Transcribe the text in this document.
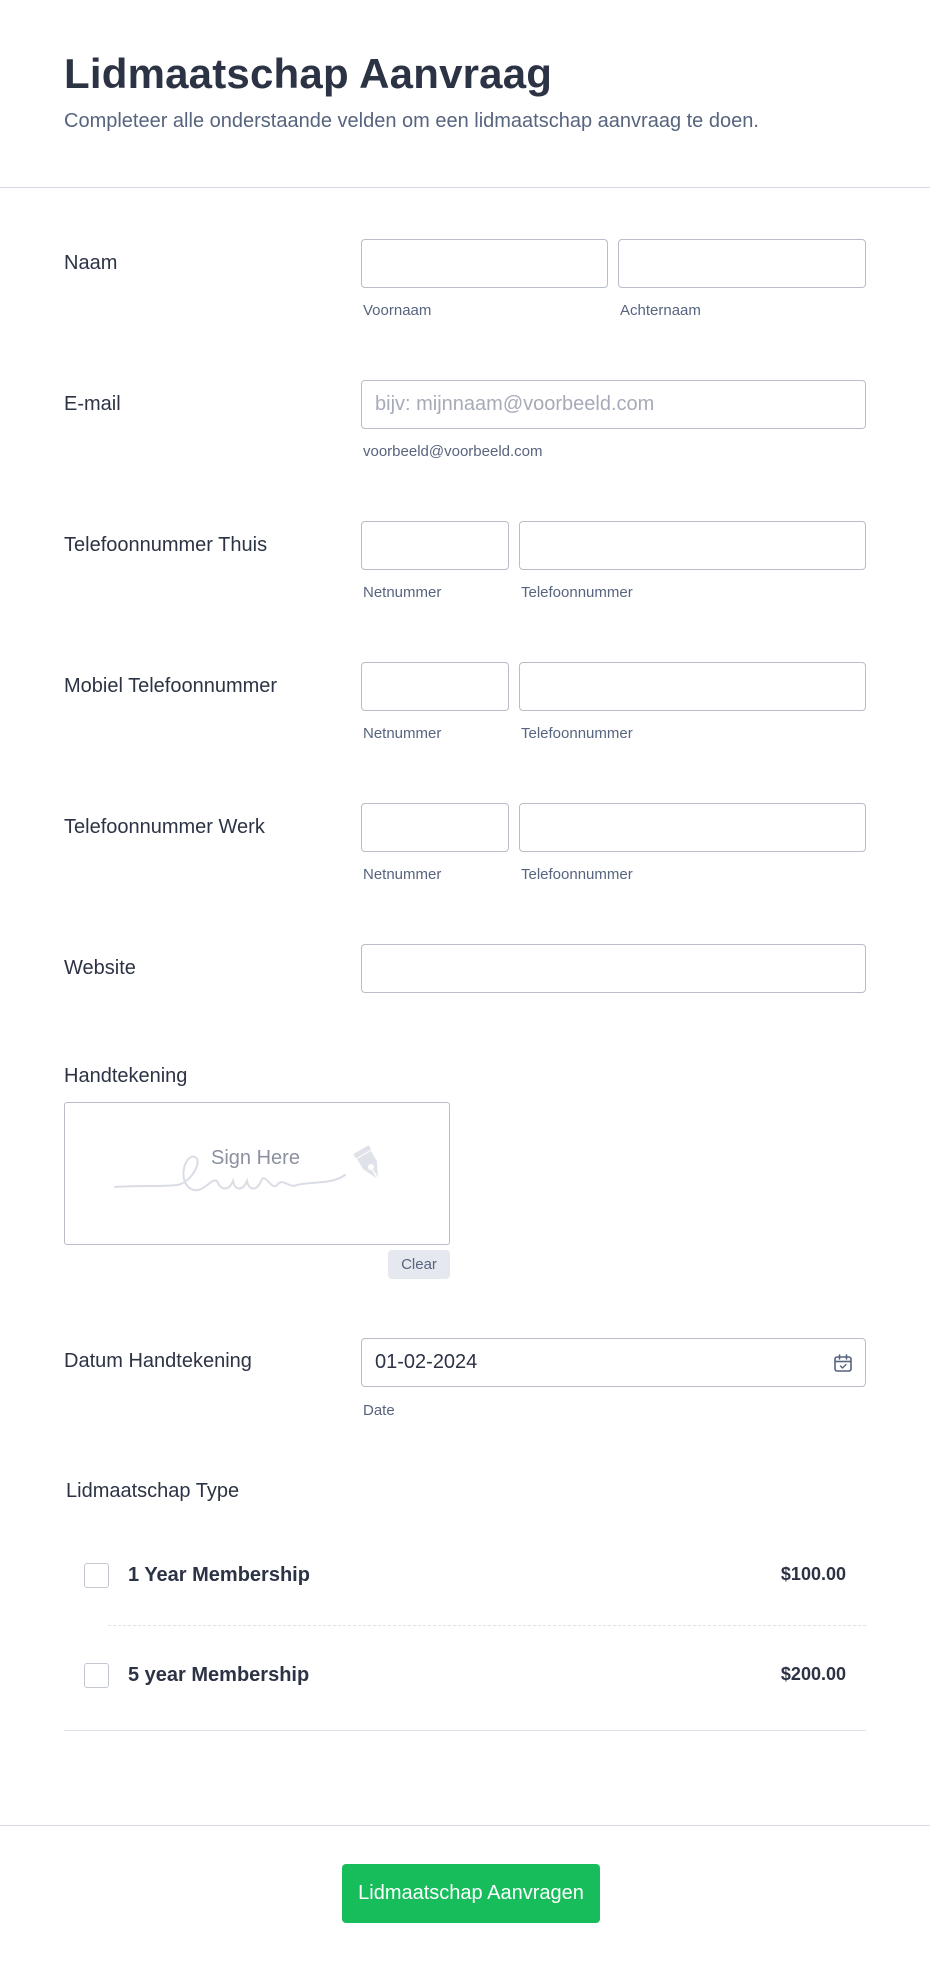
Lidmaatschap Aanvraag
Completeer alle onderstaande velden om een lidmaatschap aanvraag te doen.
Naam
Voornaam	Achternaam
E-mail	bijv: mijnnaam@voorbeeld.com
voorbeeld@voorbeeld.com
Telefoonnummer Thuis
Netnummer	Telefoonnummer
Mobiel Telefoonnummer
Netnummer	Telefoonnummer
Telefoonnummer Werk
Netnummer	Telefoonnummer
Website
Handtekening
Sign Here
Clear
Datum Handtekening	01-02-2024
Date
Lidmaatschap Type
1 Year Membership	$100.00
5 year Membership	$200.00
Lidmaatschap Aanvragen
